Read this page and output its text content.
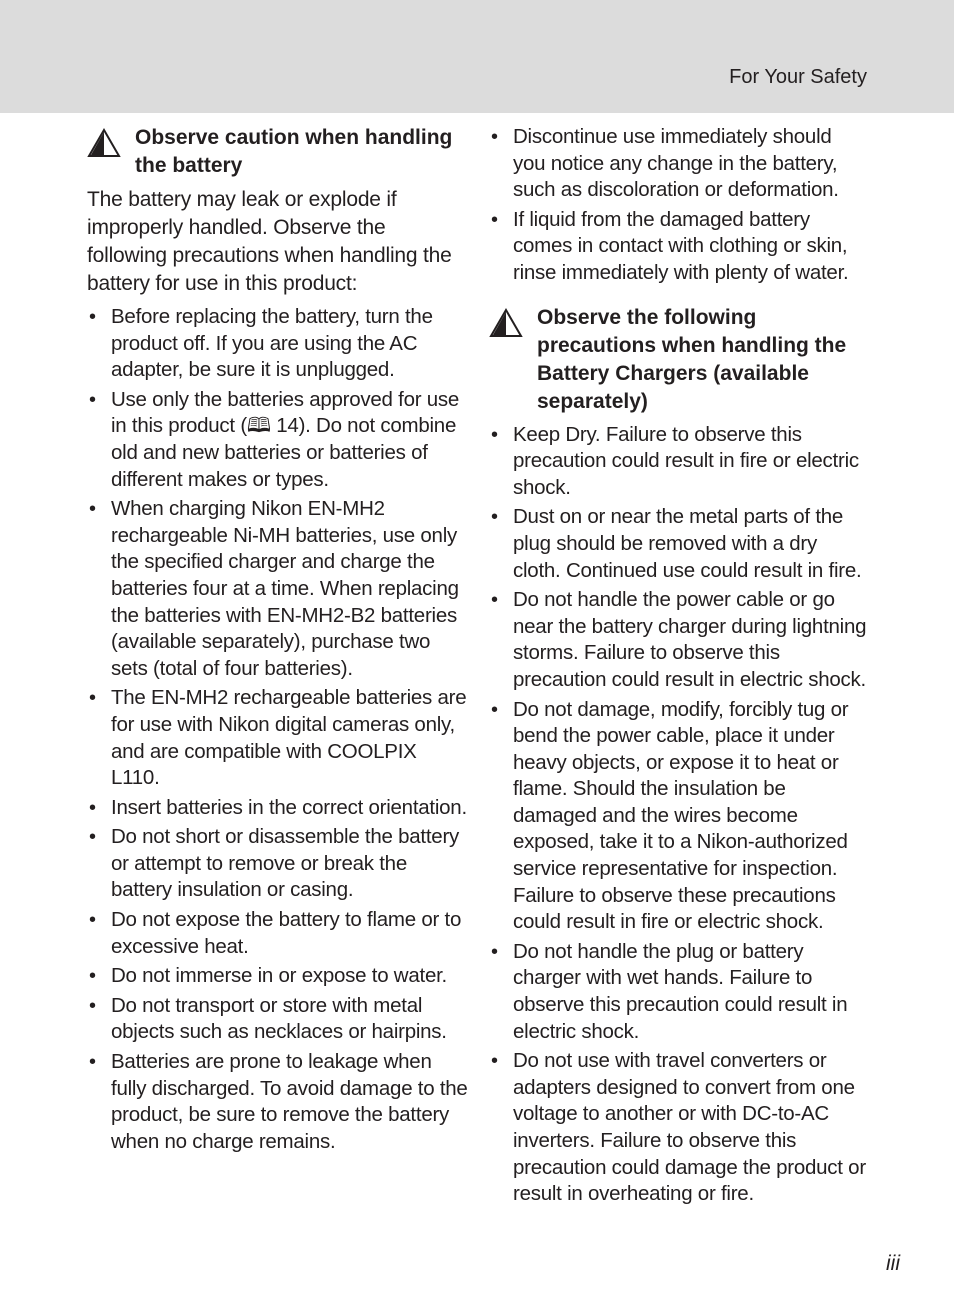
For Your Safety
Observe caution when handling the battery

The battery may leak or explode if improperly handled. Observe the following precautions when handling the battery for use in this product:

• Before replacing the battery, turn the product off. If you are using the AC adapter, be sure it is unplugged.
• Use only the batteries approved for use in this product (🕮 14). Do not combine old and new batteries or batteries of different makes or types.
• When charging Nikon EN-MH2 rechargeable Ni-MH batteries, use only the specified charger and charge the batteries four at a time. When replacing the batteries with EN-MH2-B2 batteries (available separately), purchase two sets (total of four batteries).
• The EN-MH2 rechargeable batteries are for use with Nikon digital cameras only, and are compatible with COOLPIX L110.
• Insert batteries in the correct orientation.
• Do not short or disassemble the battery or attempt to remove or break the battery insulation or casing.
• Do not expose the battery to flame or to excessive heat.
• Do not immerse in or expose to water.
• Do not transport or store with metal objects such as necklaces or hairpins.
• Batteries are prone to leakage when fully discharged. To avoid damage to the product, be sure to remove the battery when no charge remains.
• Discontinue use immediately should you notice any change in the battery, such as discoloration or deformation.
• If liquid from the damaged battery comes in contact with clothing or skin, rinse immediately with plenty of water.
Observe the following precautions when handling the Battery Chargers (available separately)
• Keep Dry. Failure to observe this precaution could result in fire or electric shock.
• Dust on or near the metal parts of the plug should be removed with a dry cloth. Continued use could result in fire.
• Do not handle the power cable or go near the battery charger during lightning storms. Failure to observe this precaution could result in electric shock.
• Do not damage, modify, forcibly tug or bend the power cable, place it under heavy objects, or expose it to heat or flame. Should the insulation be damaged and the wires become exposed, take it to a Nikon-authorized service representative for inspection. Failure to observe these precautions could result in fire or electric shock.
• Do not handle the plug or battery charger with wet hands. Failure to observe this precaution could result in electric shock.
• Do not use with travel converters or adapters designed to convert from one voltage to another or with DC-to-AC inverters. Failure to observe this precaution could damage the product or result in overheating or fire.
iii
